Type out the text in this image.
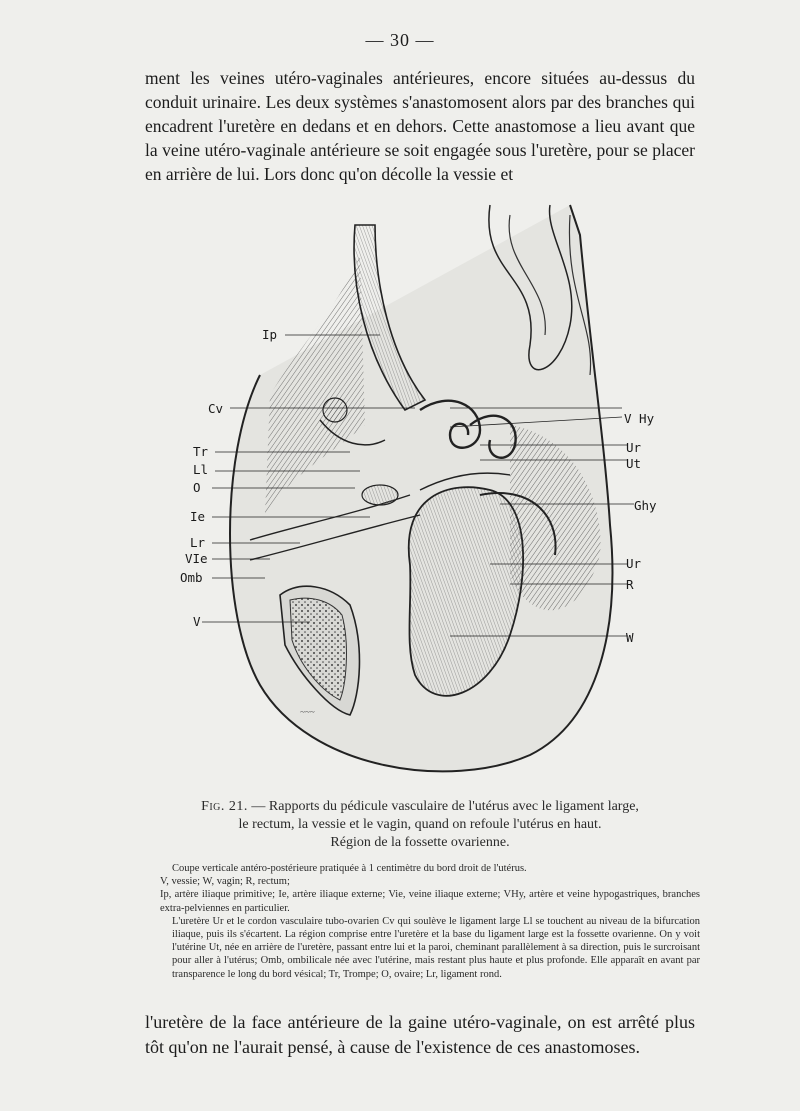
— 30 —
ment les veines utéro-vaginales antérieures, encore situées au-dessus du conduit urinaire. Les deux systèmes s'anastomosent alors par des branches qui encadrent l'uretère en dedans et en dehors. Cette anastomose a lieu avant que la veine utéro-vaginale antérieure se soit engagée sous l'uretère, pour se placer en arrière de lui. Lors donc qu'on décolle la vessie et
~~~
Ip
Cv
Tr
Ll
O
Ie
Lr
VIe
Omb
V
V Hy
Ur
Ut
Ghy
Ur
R
W
Fig. 21. — Rapports du pédicule vasculaire de l'utérus avec le ligament large,
le rectum, la vessie et le vagin, quand on refoule l'utérus en haut.
Région de la fossette ovarienne.
Coupe verticale antéro-postérieure pratiquée à 1 centimètre du bord droit de l'utérus.
V, vessie; W, vagin; R, rectum;
Ip, artère iliaque primitive; Ie, artère iliaque externe; Vie, veine iliaque externe; VHy, artère et veine hypogastriques, branches extra-pelviennes en particulier.
L'uretère Ur et le cordon vasculaire tubo-ovarien Cv qui soulève le ligament large Ll se touchent au niveau de la bifurcation iliaque, puis ils s'écartent. La région comprise entre l'uretère et la base du ligament large est la fossette ovarienne. On y voit l'utérine Ut, née en arrière de l'uretère, passant entre lui et la paroi, cheminant parallèlement à sa direction, puis le surcroisant pour aller à l'utérus; Omb, ombilicale née avec l'utérine, mais restant plus haute et plus profonde. Elle apparaît en avant par transparence le long du bord vésical; Tr, Trompe; O, ovaire; Lr, ligament rond.
l'uretère de la face antérieure de la gaine utéro-vaginale, on est arrêté plus tôt qu'on ne l'aurait pensé, à cause de l'existence de ces anastomoses.
